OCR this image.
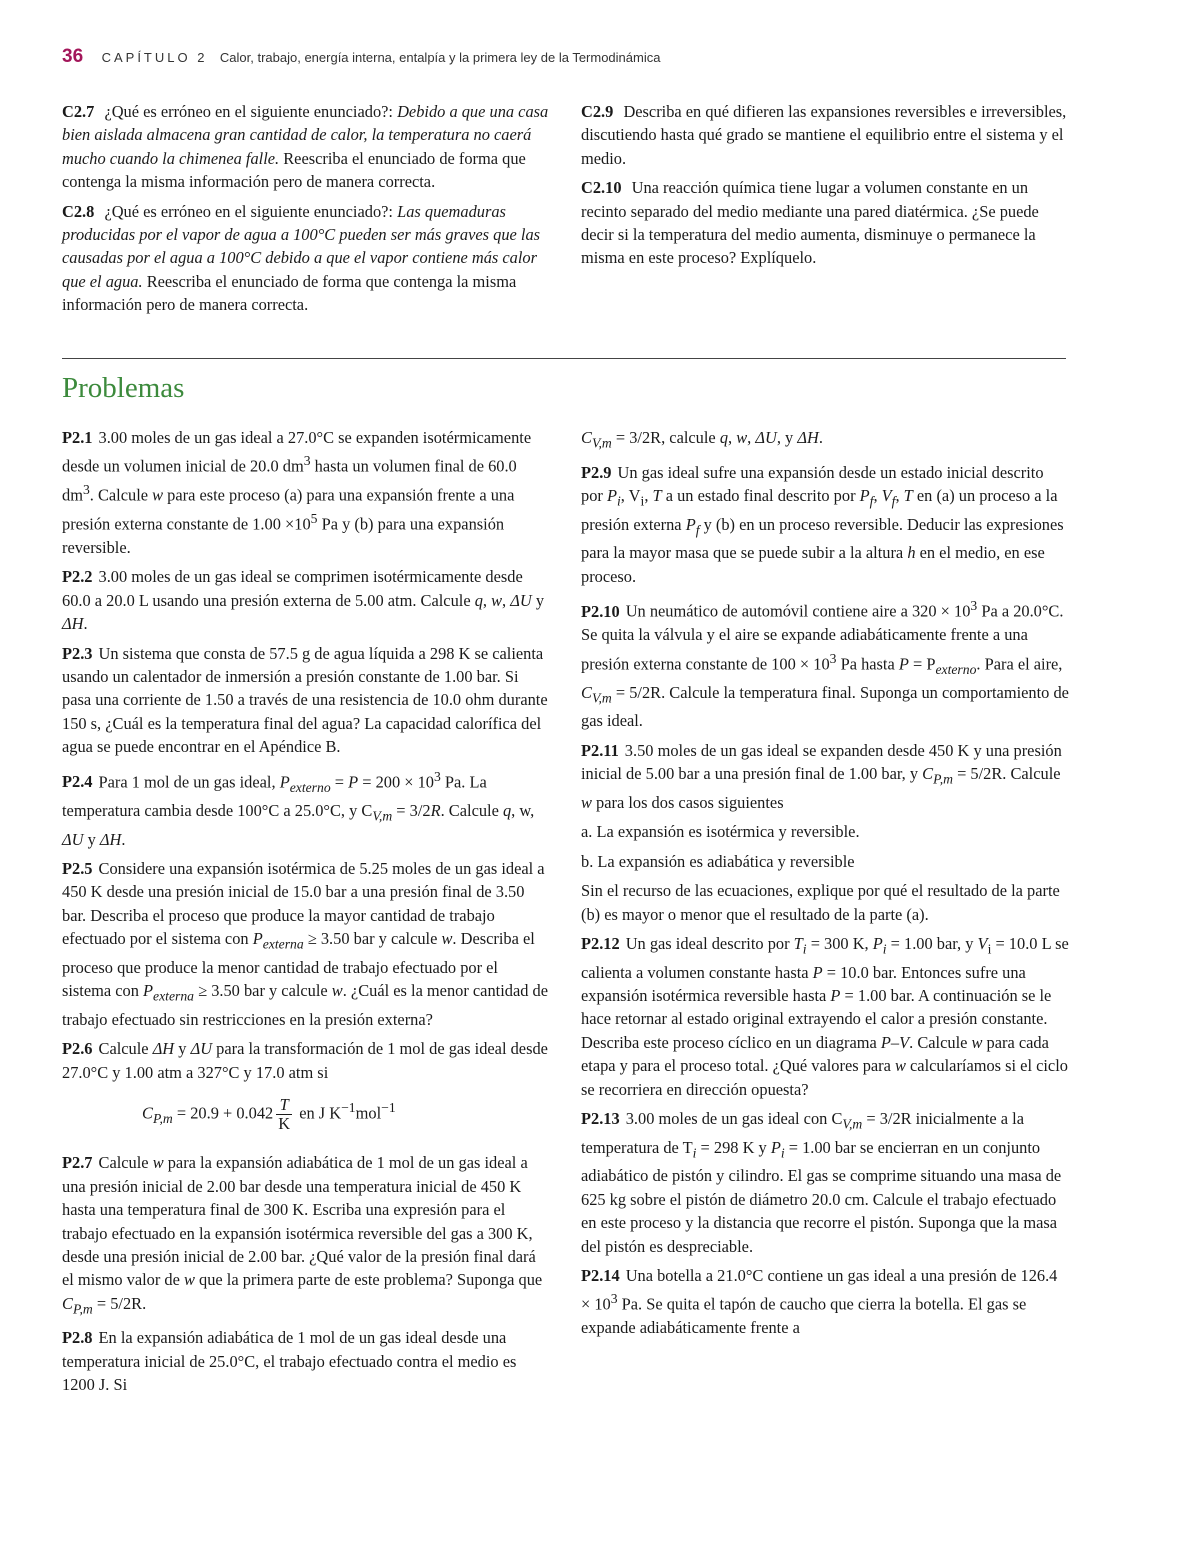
36 CAPÍTULO 2 Calor, trabajo, energía interna, entalpía y la primera ley de la Termodinámica

C2.7 ¿Qué es erróneo en el siguiente enunciado?: Debido a que una casa bien aislada almacena gran cantidad de calor, la temperatura no caerá mucho cuando la chimenea falle. Reescriba el enunciado de forma que contenga la misma información pero de manera correcta.

C2.8 ¿Qué es erróneo en el siguiente enunciado?: Las quemaduras producidas por el vapor de agua a 100°C pueden ser más graves que las causadas por el agua a 100°C debido a que el vapor contiene más calor que el agua. Reescriba el enunciado de forma que contenga la misma información pero de manera correcta.

C2.9 Describa en qué difieren las expansiones reversibles e irreversibles, discutiendo hasta qué grado se mantiene el equilibrio entre el sistema y el medio.

C2.10 Una reacción química tiene lugar a volumen constante en un recinto separado del medio mediante una pared diatérmica. ¿Se puede decir si la temperatura del medio aumenta, disminuye o permanece la misma en este proceso? Explíquelo.

Problemas

P2.1 3.00 moles de un gas ideal a 27.0°C se expanden isotérmicamente desde un volumen inicial de 20.0 $dm^3$ hasta un volumen final de 60.0 $dm^3$. Calcule w para este proceso (a) para una expansión frente a una presión externa constante de $1.00 \times 10^5$ Pa y (b) para una expansión reversible.

P2.2 3.00 moles de un gas ideal se comprimen isotérmicamente desde 60.0 a 20.0 L usando una presión externa de 5.00 atm. Calcule q, w, ΔU y ΔH.

P2.3 Un sistema que consta de 57.5 g de agua líquida a 298 K se calienta usando un calentador de inmersión a presión constante de 1.00 bar. Si pasa una corriente de 1.50 a través de una resistencia de 10.0 ohm durante 150 s, ¿Cuál es la temperatura final del agua? La capacidad calorífica del agua se puede encontrar en el Apéndice B.

P2.4 Para 1 mol de un gas ideal, $P_{externo} = P = 200 \times 10^3$ Pa. La temperatura cambia desde 100°C a 25.0°C, y $C_{V,m} = 3/2R$. Calcule q, w, ΔU y ΔH.

P2.5 Considere una expansión isotérmica de 5.25 moles de un gas ideal a 450 K desde una presión inicial de 15.0 bar a una presión final de 3.50 bar. Describa el proceso que produce la mayor cantidad de trabajo efectuado por el sistema con $P_{externa} \ge 3.50$ bar y calcule w. Describa el proceso que produce la menor cantidad de trabajo efectuado por el sistema con $P_{externa} \ge 3.50$ bar y calcule w. ¿Cuál es la menor cantidad de trabajo efectuado sin restricciones en la presión externa?

P2.6 Calcule ΔH y ΔU para la transformación de 1 mol de gas ideal desde 27.0°C y 1.00 atm a 327°C y 17.0 atm si

$C_{P,m} = 20.9 + 0.042 \frac{T}{K}$ en J $K^{-1}mol^{-1}$

P2.7 Calcule w para la expansión adiabática de 1 mol de un gas ideal a una presión inicial de 2.00 bar desde una temperatura inicial de 450 K hasta una temperatura final de 300 K. Escriba una expresión para el trabajo efectuado en la expansión isotérmica reversible del gas a 300 K, desde una presión inicial de 2.00 bar. ¿Qué valor de la presión final dará el mismo valor de w que la primera parte de este problema? Suponga que $C_{P,m} = 5/2R$.

P2.8 En la expansión adiabática de 1 mol de un gas ideal desde una temperatura inicial de 25.0°C, el trabajo efectuado contra el medio es 1200 J. Si

$C_{V,m} = 3/2R$, calcule q, w, ΔU, y ΔH.

P2.9 Un gas ideal sufre una expansión desde un estado inicial descrito por $P_i$, $V_i$, T a un estado final descrito por $P_f$, $V_f$, T en (a) un proceso a la presión externa $P_f$ y (b) en un proceso reversible. Deducir las expresiones para la mayor masa que se puede subir a la altura h en el medio, en ese proceso.

P2.10 Un neumático de automóvil contiene aire a $320 \times 10^3$ Pa a 20.0°C. Se quita la válvula y el aire se expande adiabáticamente frente a una presión externa constante de $100 \times 10^3$ Pa hasta $P = P_{externo}$. Para el aire, $C_{V,m} = 5/2R$. Calcule la temperatura final. Suponga un comportamiento de gas ideal.

P2.11 3.50 moles de un gas ideal se expanden desde 450 K y una presión inicial de 5.00 bar a una presión final de 1.00 bar, y $C_{P,m} = 5/2R$. Calcule w para los dos casos siguientes

a. La expansión es isotérmica y reversible.

b. La expansión es adiabática y reversible

Sin el recurso de las ecuaciones, explique por qué el resultado de la parte (b) es mayor o menor que el resultado de la parte (a).

P2.12 Un gas ideal descrito por $T_i = 300$ K, $P_i = 1.00$ bar, y $V_i = 10.0$ L se calienta a volumen constante hasta P = 10.0 bar. Entonces sufre una expansión isotérmica reversible hasta P = 1.00 bar. A continuación se le hace retornar al estado original extrayendo el calor a presión constante. Describa este proceso cíclico en un diagrama P–V. Calcule w para cada etapa y para el proceso total. ¿Qué valores para w calcularíamos si el ciclo se recorriera en dirección opuesta?

P2.13 3.00 moles de un gas ideal con $C_{V,m} = 3/2R$ inicialmente a la temperatura de $T_i = 298$ K y $P_i = 1.00$ bar se encierran en un conjunto adiabático de pistón y cilindro. El gas se comprime situando una masa de 625 kg sobre el pistón de diámetro 20.0 cm. Calcule el trabajo efectuado en este proceso y la distancia que recorre el pistón. Suponga que la masa del pistón es despreciable.

P2.14 Una botella a 21.0°C contiene un gas ideal a una presión de $126.4 \times 10^3$ Pa. Se quita el tapón de caucho que cierra la botella. El gas se expande adiabáticamente frente a
